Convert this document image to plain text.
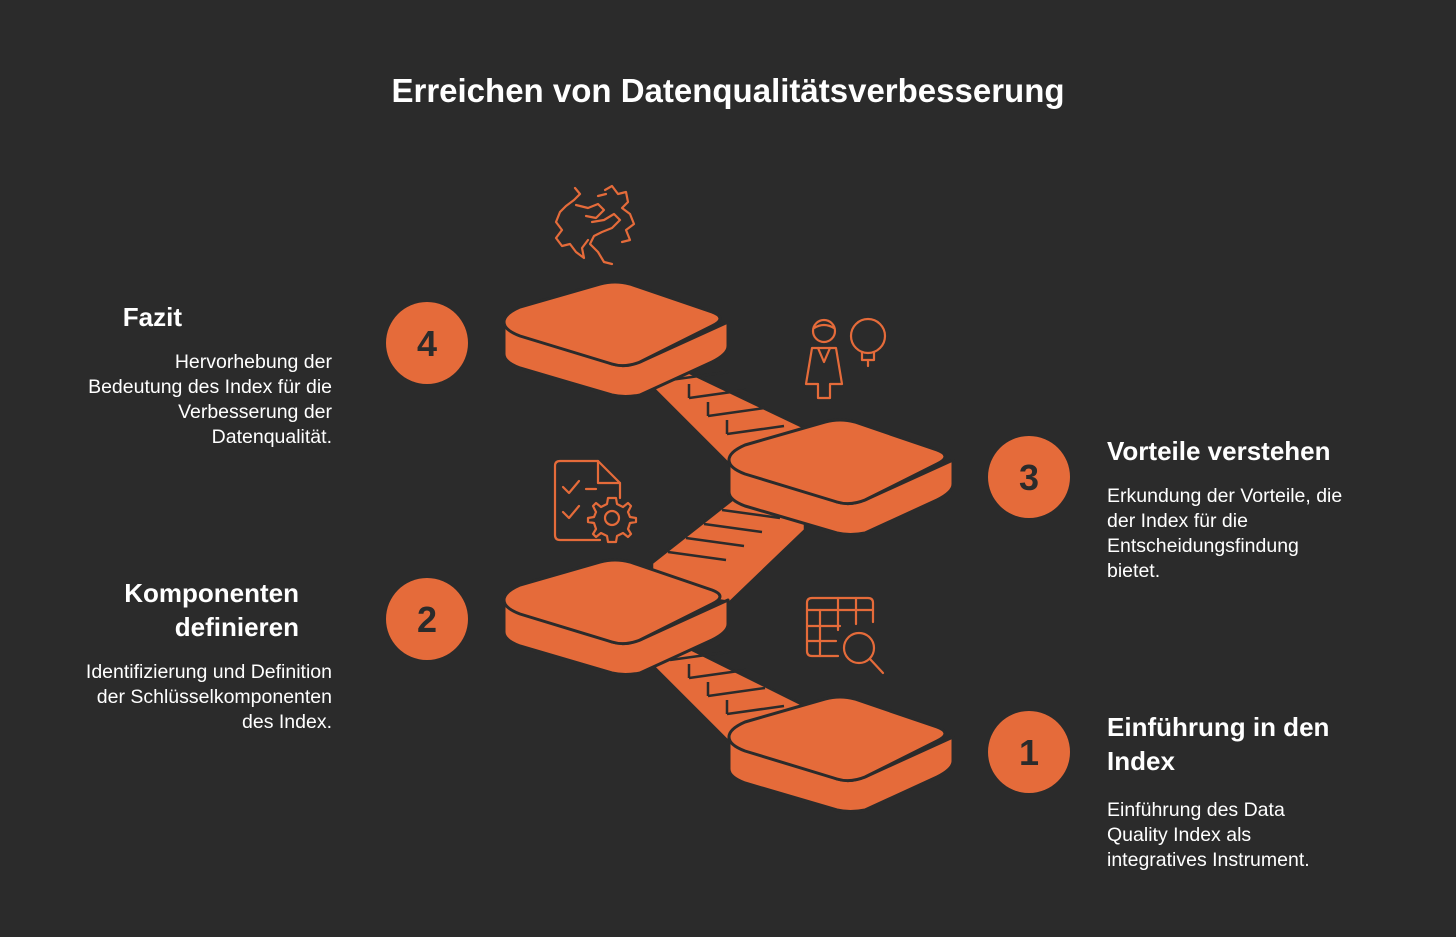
Erreichen von Datenqualitätsverbesserung
4
3
2
1
Fazit
Hervorhebung der Bedeutung des Index für die Verbesserung der Datenqualität.	Vorteile verstehen
Erkundung der Vorteile, die der Index für die Entscheidungsfindung bietet.
Komponenten definieren
Identifizierung und Definition der Schlüsselkomponenten des Index.	Einführung in den Index
Einführung des Data Quality Index als integratives Instrument.
